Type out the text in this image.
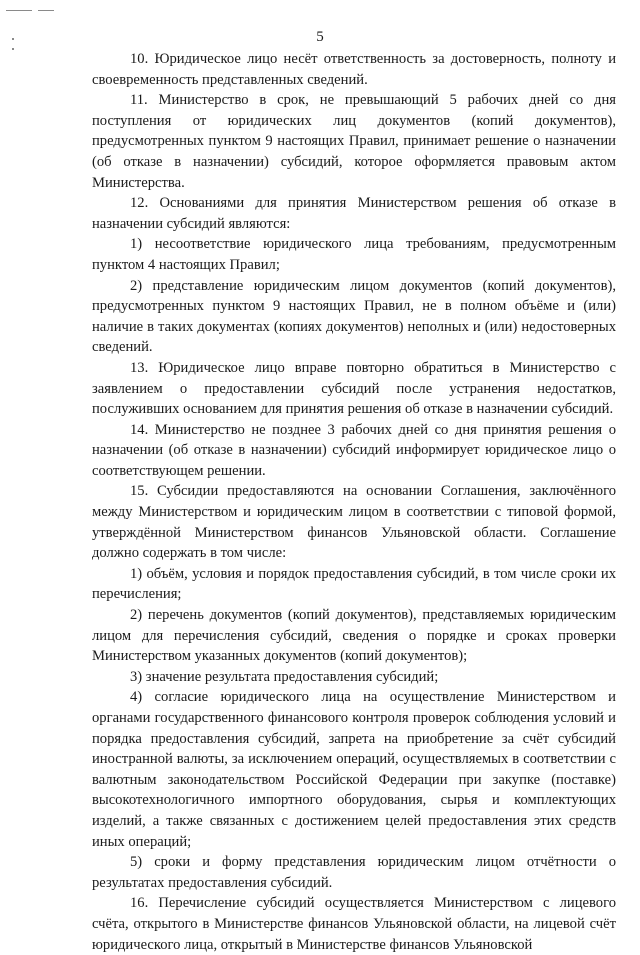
5

10. Юридическое лицо несёт ответственность за достоверность, полноту и своевременность представленных сведений.

11. Министерство в срок, не превышающий 5 рабочих дней со дня поступления от юридических лиц документов (копий документов), предусмотренных пунктом 9 настоящих Правил, принимает решение о назначении (об отказе в назначении) субсидий, которое оформляется правовым актом Министерства.

12. Основаниями для принятия Министерством решения об отказе в назначении субсидий являются:

1) несоответствие юридического лица требованиям, предусмотренным пунктом 4 настоящих Правил;

2) представление юридическим лицом документов (копий документов), предусмотренных пунктом 9 настоящих Правил, не в полном объёме и (или) наличие в таких документах (копиях документов) неполных и (или) недостоверных сведений.

13. Юридическое лицо вправе повторно обратиться в Министерство с заявлением о предоставлении субсидий после устранения недостатков, послуживших основанием для принятия решения об отказе в назначении субсидий.

14. Министерство не позднее 3 рабочих дней со дня принятия решения о назначении (об отказе в назначении) субсидий информирует юридическое лицо о соответствующем решении.

15. Субсидии предоставляются на основании Соглашения, заключённого между Министерством и юридическим лицом в соответствии с типовой формой, утверждённой Министерством финансов Ульяновской области. Соглашение должно содержать в том числе:

1) объём, условия и порядок предоставления субсидий, в том числе сроки их перечисления;

2) перечень документов (копий документов), представляемых юридическим лицом для перечисления субсидий, сведения о порядке и сроках проверки Министерством указанных документов (копий документов);

3) значение результата предоставления субсидий;

4) согласие юридического лица на осуществление Министерством и органами государственного финансового контроля проверок соблюдения условий и порядка предоставления субсидий, запрета на приобретение за счёт субсидий иностранной валюты, за исключением операций, осуществляемых в соответствии с валютным законодательством Российской Федерации при закупке (поставке) высокотехнологичного импортного оборудования, сырья и комплектующих изделий, а также связанных с достижением целей предоставления этих средств иных операций;

5) сроки и форму представления юридическим лицом отчётности о результатах предоставления субсидий.

16. Перечисление субсидий осуществляется Министерством с лицевого счёта, открытого в Министерстве финансов Ульяновской области, на лицевой счёт юридического лица, открытый в Министерстве финансов Ульяновской
